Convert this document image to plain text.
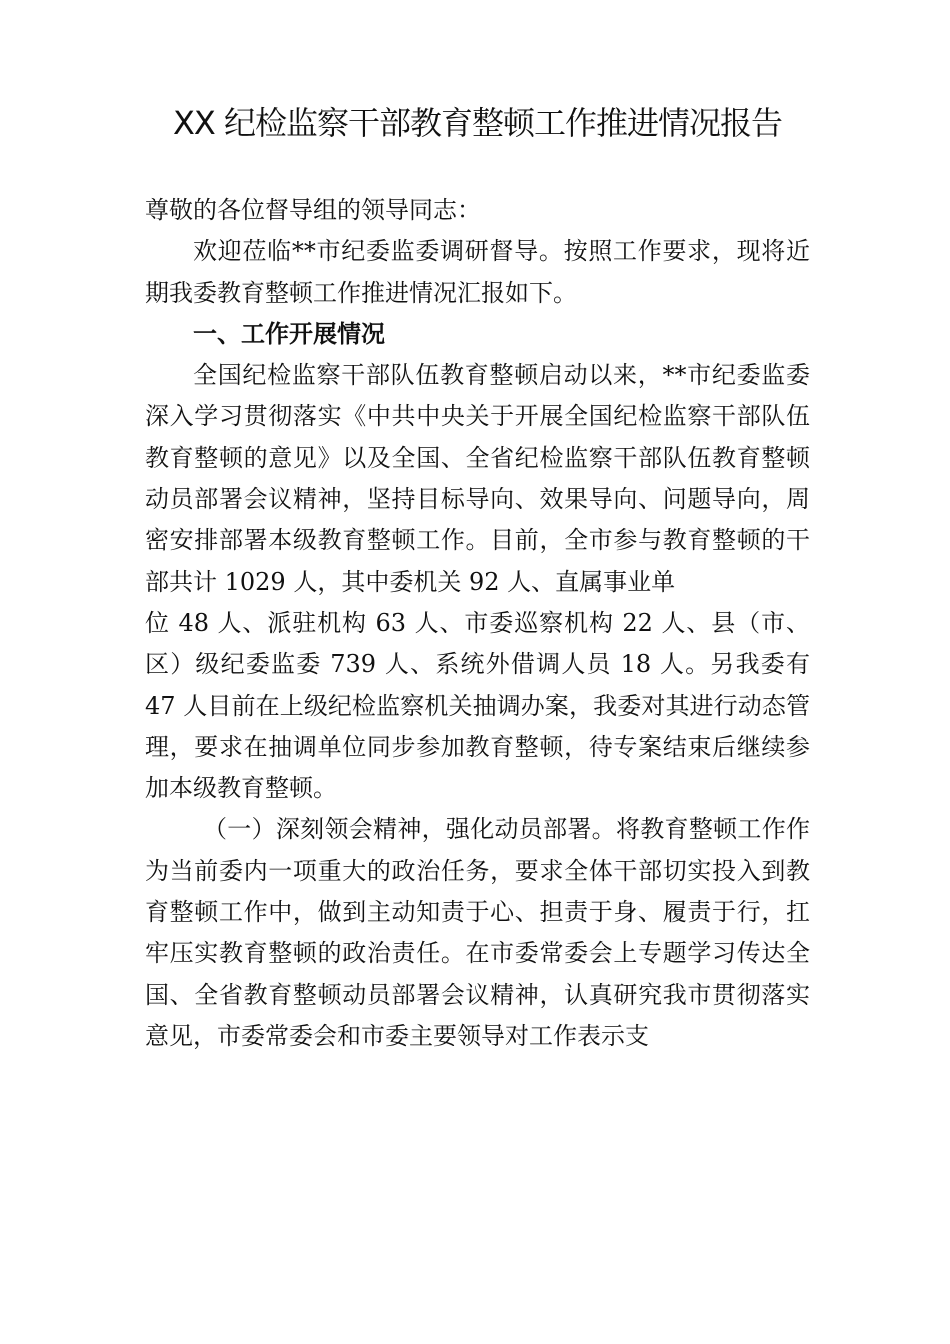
XX 纪检监察干部教育整顿工作推进情况报告

尊敬的各位督导组的领导同志：

欢迎莅临**市纪委监委调研督导。按照工作要求，现将近期我委教育整顿工作推进情况汇报如下。

一、工作开展情况

全国纪检监察干部队伍教育整顿启动以来，**市纪委监委深入学习贯彻落实《中共中央关于开展全国纪检监察干部队伍教育整顿的意见》以及全国、全省纪检监察干部队伍教育整顿动员部署会议精神，坚持目标导向、效果导向、问题导向，周密安排部署本级教育整顿工作。目前，全市参与教育整顿的干部共计 1029 人，其中委机关 92 人、直属事业单

位 48 人、派驻机构 63 人、市委巡察机构 22 人、县（市、区）级纪委监委 739 人、系统外借调人员 18 人。另我委有 47 人目前在上级纪检监察机关抽调办案，我委对其进行动态管理，要求在抽调单位同步参加教育整顿，待专案结束后继续参加本级教育整顿。

（一）深刻领会精神，强化动员部署。将教育整顿工作作为当前委内一项重大的政治任务，要求全体干部切实投入到教育整顿工作中，做到主动知责于心、担责于身、履责于行，扛牢压实教育整顿的政治责任。在市委常委会上专题学习传达全国、全省教育整顿动员部署会议精神，认真研究我市贯彻落实意见，市委常委会和市委主要领导对工作表示支
